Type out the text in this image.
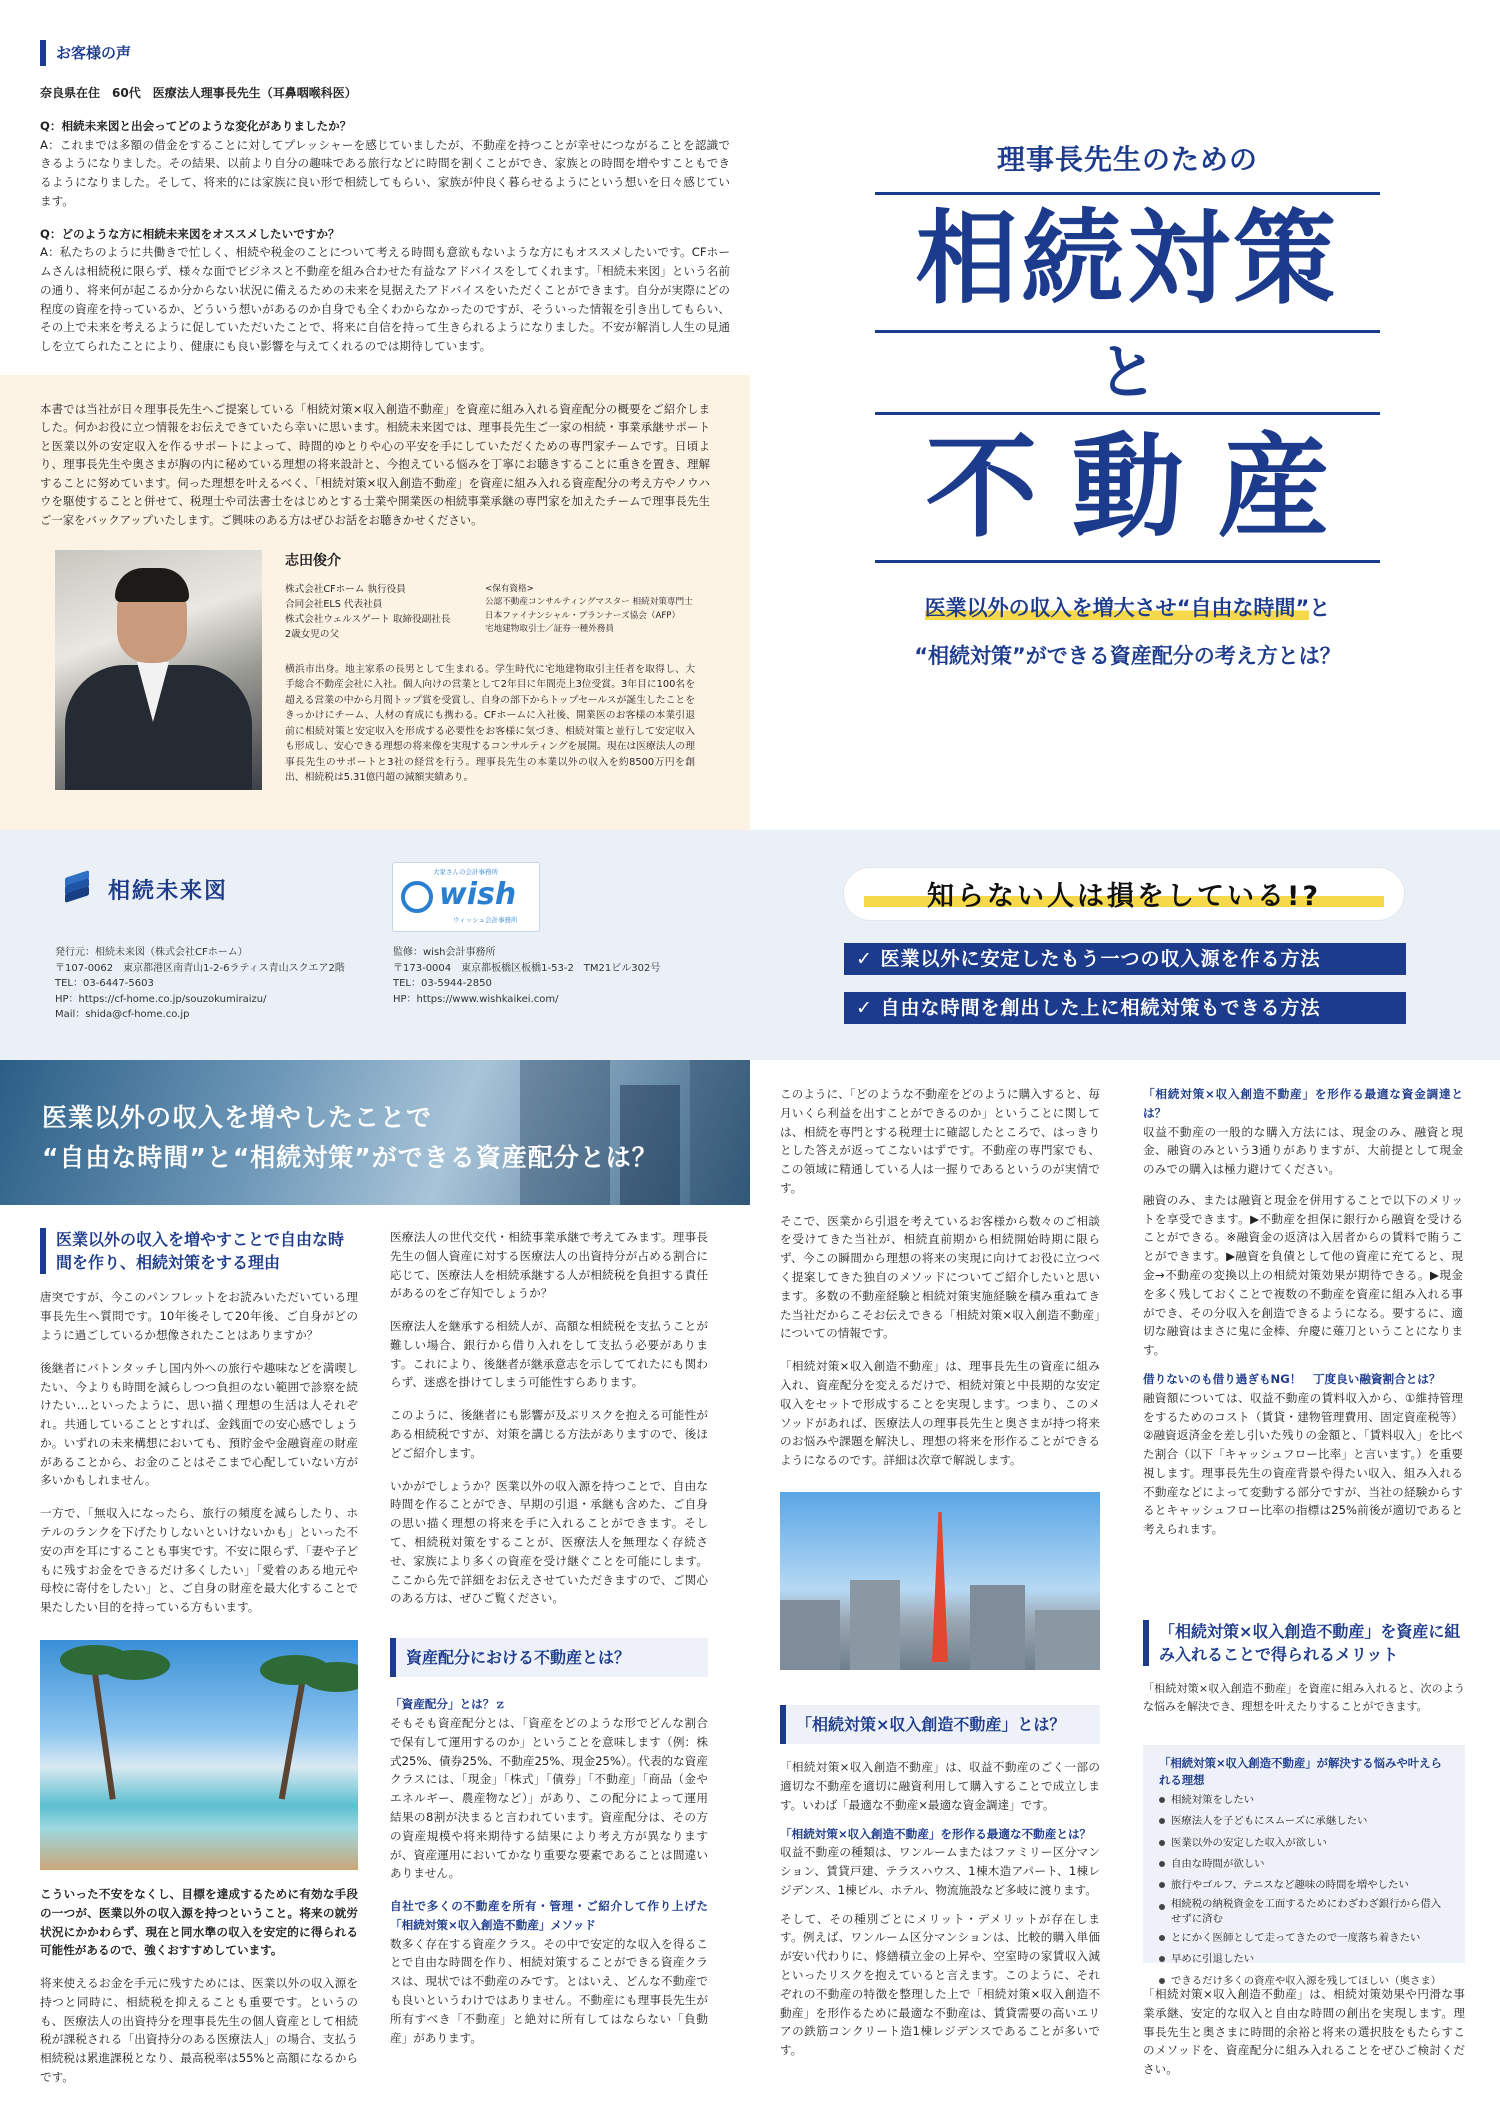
お客様の声
奈良県在住　60代　医療法人理事長先生（耳鼻咽喉科医）
Q：相続未来図と出会ってどのような変化がありましたか？
A：これまでは多額の借金をすることに対してプレッシャーを感じていましたが、不動産を持つことが幸せにつながることを認識できるようになりました。その結果、以前より自分の趣味である旅行などに時間を割くことができ、家族との時間を増やすこともできるようになりました。そして、将来的には家族に良い形で相続してもらい、家族が仲良く暮らせるようにという想いを日々感じています。
Q：どのような方に相続未来図をオススメしたいですか？
A：私たちのように共働きで忙しく、相続や税金のことについて考える時間も意欲もないような方にもオススメしたいです。CFホームさんは相続税に限らず、様々な面でビジネスと不動産を組み合わせた有益なアドバイスをしてくれます。「相続未来図」という名前の通り、将来何が起こるか分からない状況に備えるための未来を見据えたアドバイスをいただくことができます。自分が実際にどの程度の資産を持っているか、どういう想いがあるのか自身でも全くわからなかったのですが、そういった情報を引き出してもらい、その上で未来を考えるように促していただいたことで、将来に自信を持って生きられるようになりました。不安が解消し人生の見通しを立てられたことにより、健康にも良い影響を与えてくれるのでは期待しています。
本書では当社が日々理事長先生へご提案している「相続対策×収入創造不動産」を資産に組み入れる資産配分の概要をご紹介しました。何かお役に立つ情報をお伝えできていたら幸いに思います。相続未来図では、理事長先生ご一家の相続・事業承継サポートと医業以外の安定収入を作るサポートによって、時間的ゆとりや心の平安を手にしていただくための専門家チームです。日頃より、理事長先生や奥さまが胸の内に秘めている理想の将来設計と、今抱えている悩みを丁寧にお聴きすることに重きを置き、理解することに努めています。伺った理想を叶えるべく、「相続対策×収入創造不動産」を資産に組み入れる資産配分の考え方やノウハウを駆使することと併せて、税理士や司法書士をはじめとする士業や開業医の相続事業承継の専門家を加えたチームで理事長先生ご一家をバックアップいたします。ご興味のある方はぜひお話をお聴きかせください。
志田俊介
株式会社CFホーム 執行役員
合同会社ELS 代表社員
株式会社ウェルスゲート 取締役副社長
2歳女児の父
<保有資格>
公認不動産コンサルティングマスター 相続対策専門士
日本ファイナンシャル・プランナーズ協会（AFP）
宅地建物取引士／証券一種外務員
横浜市出身。地主家系の長男として生まれる。学生時代に宅地建物取引主任者を取得し、大手総合不動産会社に入社。個人向けの営業として2年目に年間売上3位受賞。3年目に100名を超える営業の中から月間トップ賞を受賞し、自身の部下からトップセールスが誕生したことをきっかけにチーム、人材の育成にも携わる。CFホームに入社後、開業医のお客様の本業引退前に相続対策と安定収入を形成する必要性をお客様に気づき、相続対策と並行して安定収入も形成し、安心できる理想の将来像を実現するコンサルティングを展開。現在は医療法人の理事長先生のサポートと3社の経営を行う。理事長先生の本業以外の収入を約8500万円を創出、相続税は5.31億円超の減額実績あり。
理事長先生のための
相続対策
と
不動産
医業以外の収入を増大させ“自由な時間”と
“相続対策”ができる資産配分の考え方とは？
相続未来図
大家さんの会計事務所
wish
ウィッシュ会計事務所
発行元：相続未来図（株式会社CFホーム）
〒107-0062　東京都港区南青山1-2-6ラティス青山スクエア2階
TEL：03-6447-5603
HP：https://cf-home.co.jp/souzokumiraizu/
Mail：shida@cf-home.co.jp
監修：wish会計事務所
〒173-0004　東京都板橋区板橋1-53-2　TM21ビル302号
TEL：03-5944-2850
HP：https://www.wishkaikei.com/
知らない人は損をしている!?
✓ 医業以外に安定したもう一つの収入源を作る方法
✓ 自由な時間を創出した上に相続対策もできる方法
医業以外の収入を増やしたことで
“自由な時間”と“相続対策”ができる資産配分とは？
医業以外の収入を増やすことで自由な時間を作り、相続対策をする理由
唐突ですが、今このパンフレットをお読みいただいている理事長先生へ質問です。10年後そして20年後、ご自身がどのように過ごしているか想像されたことはありますか？
後継者にバトンタッチし国内外への旅行や趣味などを満喫したい、今よりも時間を減らしつつ負担のない範囲で診察を続けたい…といったように、思い描く理想の生活は人それぞれ。共通していることとすれば、金銭面での安心感でしょうか。いずれの未来構想においても、預貯金や金融資産の財産があることから、お金のことはそこまで心配していない方が多いかもしれません。
一方で、「無収入になったら、旅行の頻度を減らしたり、ホテルのランクを下げたりしないといけないかも」といった不安の声を耳にすることも事実です。不安に限らず、「妻や子どもに残すお金をできるだけ多くしたい」「愛着のある地元や母校に寄付をしたい」と、ご自身の財産を最大化することで果たしたい目的を持っている方もいます。
こういった不安をなくし、目標を達成するために有効な手段の一つが、医業以外の収入源を持つということ。将来の就労状況にかかわらず、現在と同水準の収入を安定的に得られる可能性があるので、強くおすすめしています。
将来使えるお金を手元に残すためには、医業以外の収入源を持つと同時に、相続税を抑えることも重要です。というのも、医療法人の出資持分を理事長先生の個人資産として相続税が課税される「出資持分のある医療法人」の場合、支払う相続税は累進課税となり、最高税率は55%と高額になるからです。
医療法人の世代交代・相続事業承継で考えてみます。理事長先生の個人資産に対する医療法人の出資持分が占める割合に応じて、医療法人を相続承継する人が相続税を負担する責任があるのをご存知でしょうか？
医療法人を継承する相続人が、高額な相続税を支払うことが難しい場合、銀行から借り入れをして支払う必要があります。これにより、後継者が継承意志を示しててれたにも関わらず、迷惑を掛けてしまう可能性すらあります。
このように、後継者にも影響が及ぶリスクを抱える可能性がある相続税ですが、対策を講じる方法がありますので、後ほどご紹介します。
いかがでしょうか？医業以外の収入源を持つことで、自由な時間を作ることができ、早期の引退・承継も含めた、ご自身の思い描く理想の将来を手に入れることができます。そして、相続税対策をすることが、医療法人を無理なく存続させ、家族により多くの資産を受け継ぐことを可能にします。ここから先で詳細をお伝えさせていただきますので、ご関心のある方は、ぜひご覧ください。
資産配分における不動産とは？
「資産配分」とは？ｚ
そもそも資産配分とは、「資産をどのような形でどんな割合で保有して運用するのか」ということを意味します（例：株式25%、債券25%、不動産25%、現金25%）。代表的な資産クラスには、「現金」「株式」「債券」「不動産」「商品（金やエネルギー、農産物など）」があり、この配分によって運用結果の8割が決まると言われています。資産配分は、その方の資産規模や将来期待する結果により考え方が異なりますが、資産運用においてかなり重要な要素であることは間違いありません。
自社で多くの不動産を所有・管理・ご紹介して作り上げた「相続対策×収入創造不動産」メソッド
数多く存在する資産クラス。その中で安定的な収入を得ることで自由な時間を作り、相続対策することができる資産クラスは、現状では不動産のみです。とはいえ、どんな不動産でも良いというわけではありません。不動産にも理事長先生が所有すべき「不動産」と絶対に所有してはならない「負動産」があります。
このように、「どのような不動産をどのように購入すると、毎月いくら利益を出すことができるのか」ということに関しては、相続を専門とする税理士に確認したところで、はっきりとした答えが返ってこないはずです。不動産の専門家でも、この領域に精通している人は一握りであるというのが実情です。
そこで、医業から引退を考えているお客様から数々のご相談を受けてきた当社が、相続直前期から相続開始時期に限らず、今この瞬間から理想の将来の実現に向けてお役に立つべく提案してきた独自のメソッドについてご紹介したいと思います。多数の不動産経験と相続対策実施経験を積み重ねてきた当社だからこそお伝えできる「相続対策×収入創造不動産」についての情報です。
「相続対策×収入創造不動産」は、理事長先生の資産に組み入れ、資産配分を変えるだけで、相続対策と中長期的な安定収入をセットで形成することを実現します。つまり、このメソッドがあれば、医療法人の理事長先生と奥さまが持つ将来のお悩みや課題を解決し、理想の将来を形作ることができるようになるのです。詳細は次章で解説します。
「相続対策×収入創造不動産」とは？
「相続対策×収入創造不動産」は、収益不動産のごく一部の適切な不動産を適切に融資利用して購入することで成立します。いわば「最適な不動産×最適な資金調達」です。
「相続対策×収入創造不動産」を形作る最適な不動産とは？
収益不動産の種類は、ワンルームまたはファミリー区分マンション、賃貸戸建、テラスハウス、1棟木造アパート、1棟レジデンス、1棟ビル、ホテル、物流施設など多岐に渡ります。
そして、その種別ごとにメリット・デメリットが存在します。例えば、ワンルーム区分マンションは、比較的購入単価が安い代わりに、修繕積立金の上昇や、空室時の家賃収入減といったリスクを抱えていると言えます。このように、それぞれの不動産の特徴を整理した上で「相続対策×収入創造不動産」を形作るために最適な不動産は、賃貸需要の高いエリアの鉄筋コンクリート造1棟レジデンスであることが多いです。
「相続対策×収入創造不動産」を形作る最適な資金調達とは？
収益不動産の一般的な購入方法には、現金のみ、融資と現金、融資のみという3通りがありますが、大前提として現金のみでの購入は極力避けてください。
融資のみ、または融資と現金を併用することで以下のメリットを享受できます。▶不動産を担保に銀行から融資を受けることができる。※融資金の返済は入居者からの賃料で賄うことができます。▶融資を負債として他の資産に充てると、現金→不動産の変換以上の相続対策効果が期待できる。▶現金を多く残しておくことで複数の不動産を資産に組み入れる事ができ、その分収入を創造できるようになる。要するに、適切な融資はまさに鬼に金棒、弁慶に薙刀ということになります。
借りないのも借り過ぎもNG！　丁度良い融資割合とは？
融資額については、収益不動産の賃料収入から、①維持管理をするためのコスト（賃貸・建物管理費用、固定資産税等）②融資返済金を差し引いた残りの金額と、「賃料収入」を比べた割合（以下「キャッシュフロー比率」と言います。）を重要視します。理事長先生の資産背景や得たい収入、組み入れる不動産などによって変動する部分ですが、当社の経験からするとキャッシュフロー比率の指標は25%前後が適切であると考えられます。
「相続対策×収入創造不動産」を資産に組み入れることで得られるメリット
「相続対策×収入創造不動産」を資産に組み入れると、次のような悩みを解決でき、理想を叶えたりすることができます。
「相続対策×収入創造不動産」が解決する悩みや叶えられる理想
相続対策をしたい
医療法人を子どもにスムーズに承継したい
医業以外の安定した収入が欲しい
自由な時間が欲しい
旅行やゴルフ、テニスなど趣味の時間を増やしたい
相続税の納税資金を工面するためにわざわざ銀行から借入せずに済む
とにかく医師として走ってきたので一度落ち着きたい
早めに引退したい
できるだけ多くの資産や収入源を残してほしい（奥さま）
「相続対策×収入創造不動産」は、相続対策効果や円滑な事業承継、安定的な収入と自由な時間の創出を実現します。理事長先生と奥さまに時間的余裕と将来の選択肢をもたらすこのメソッドを、資産配分に組み入れることをぜひご検討ください。
